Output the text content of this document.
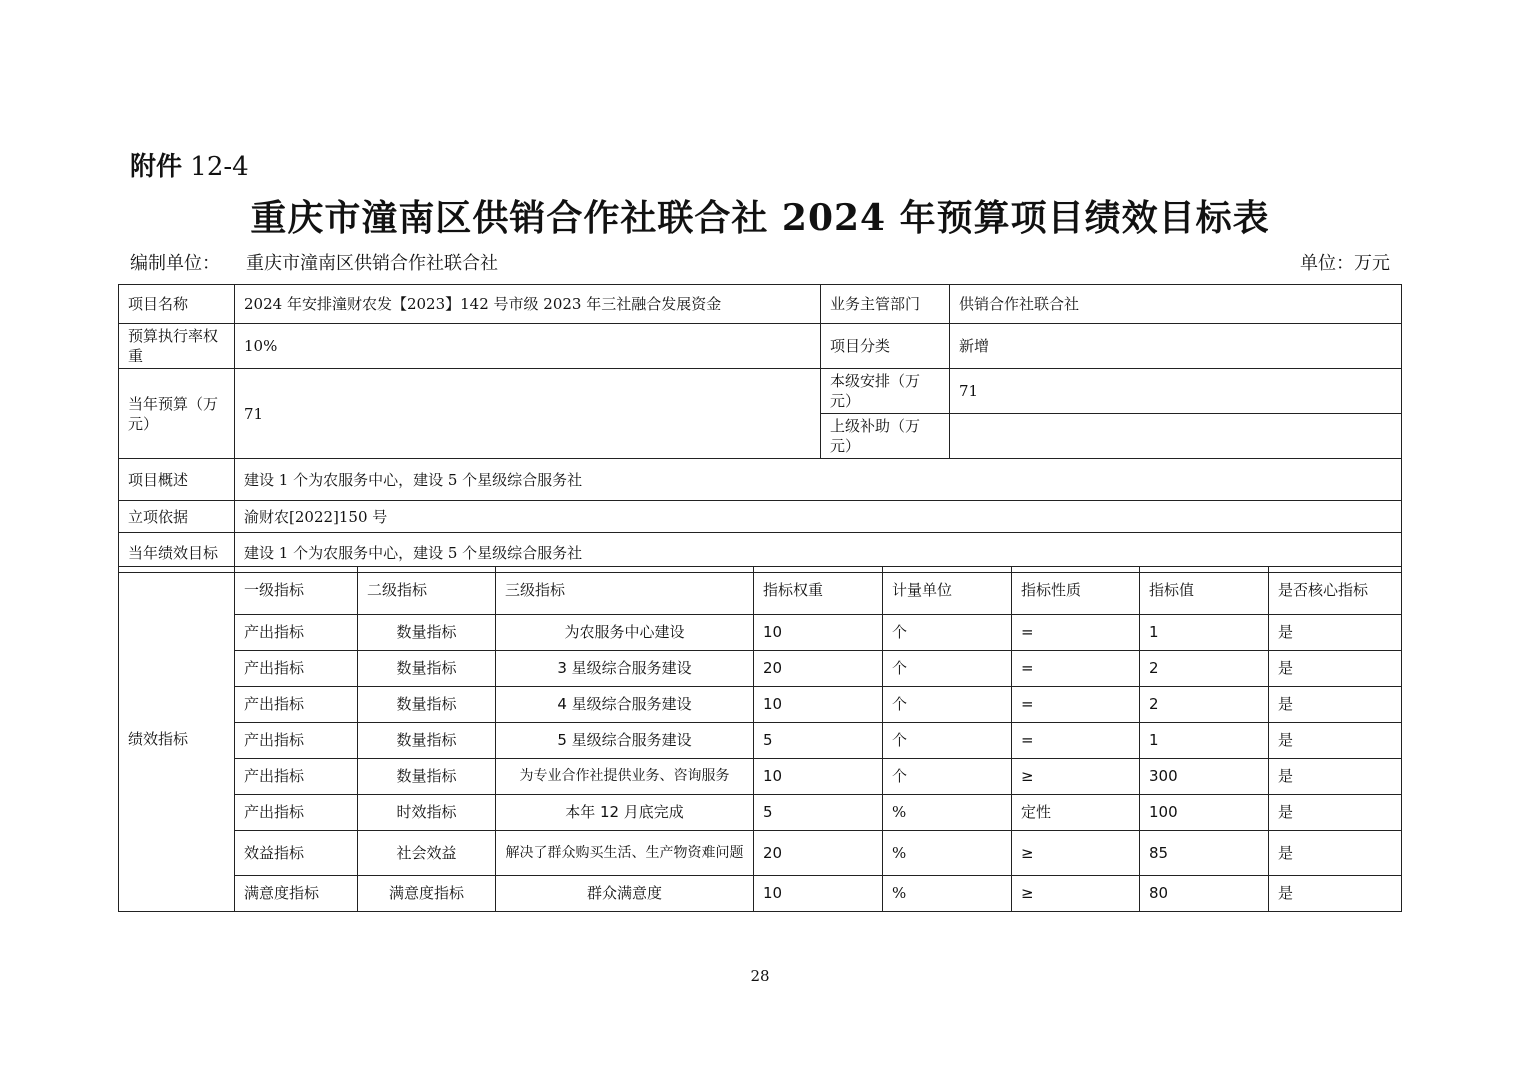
附件 12-4
重庆市潼南区供销合作社联合社 2024 年预算项目绩效目标表
编制单位： 重庆市潼南区供销合作社联合社	单位：万元
项目名称	2024 年安排潼财农发【2023】142 号市级 2023 年三社融合发展资金	业务主管部门	供销合作社联合社
预算执行率权重	10%	项目分类	新增
当年预算（万元）	71	本级安排（万元）	71
		上级补助（万元）	
项目概述	建设 1 个为农服务中心，建设 5 个星级综合服务社		
立项依据	渝财农[2022]150 号		
当年绩效目标	建设 1 个为农服务中心，建设 5 个星级综合服务社		
绩效指标	一级指标	二级指标	三级指标	指标权重	计量单位	指标性质	指标值	是否核心指标
	产出指标	数量指标	为农服务中心建设	10	个	=	1	是
	产出指标	数量指标	3 星级综合服务建设	20	个	=	2	是
	产出指标	数量指标	4 星级综合服务建设	10	个	=	2	是
	产出指标	数量指标	5 星级综合服务建设	5	个	=	1	是
	产出指标	数量指标	为专业合作社提供业务、咨询服务	10	个	≥	300	是
	产出指标	时效指标	本年 12 月底完成	5	%	定性	100	是
	效益指标	社会效益	解决了群众购买生活、生产物资难问题	20	%	≥	85	是
	满意度指标	满意度指标	群众满意度	10	%	≥	80	是
28
